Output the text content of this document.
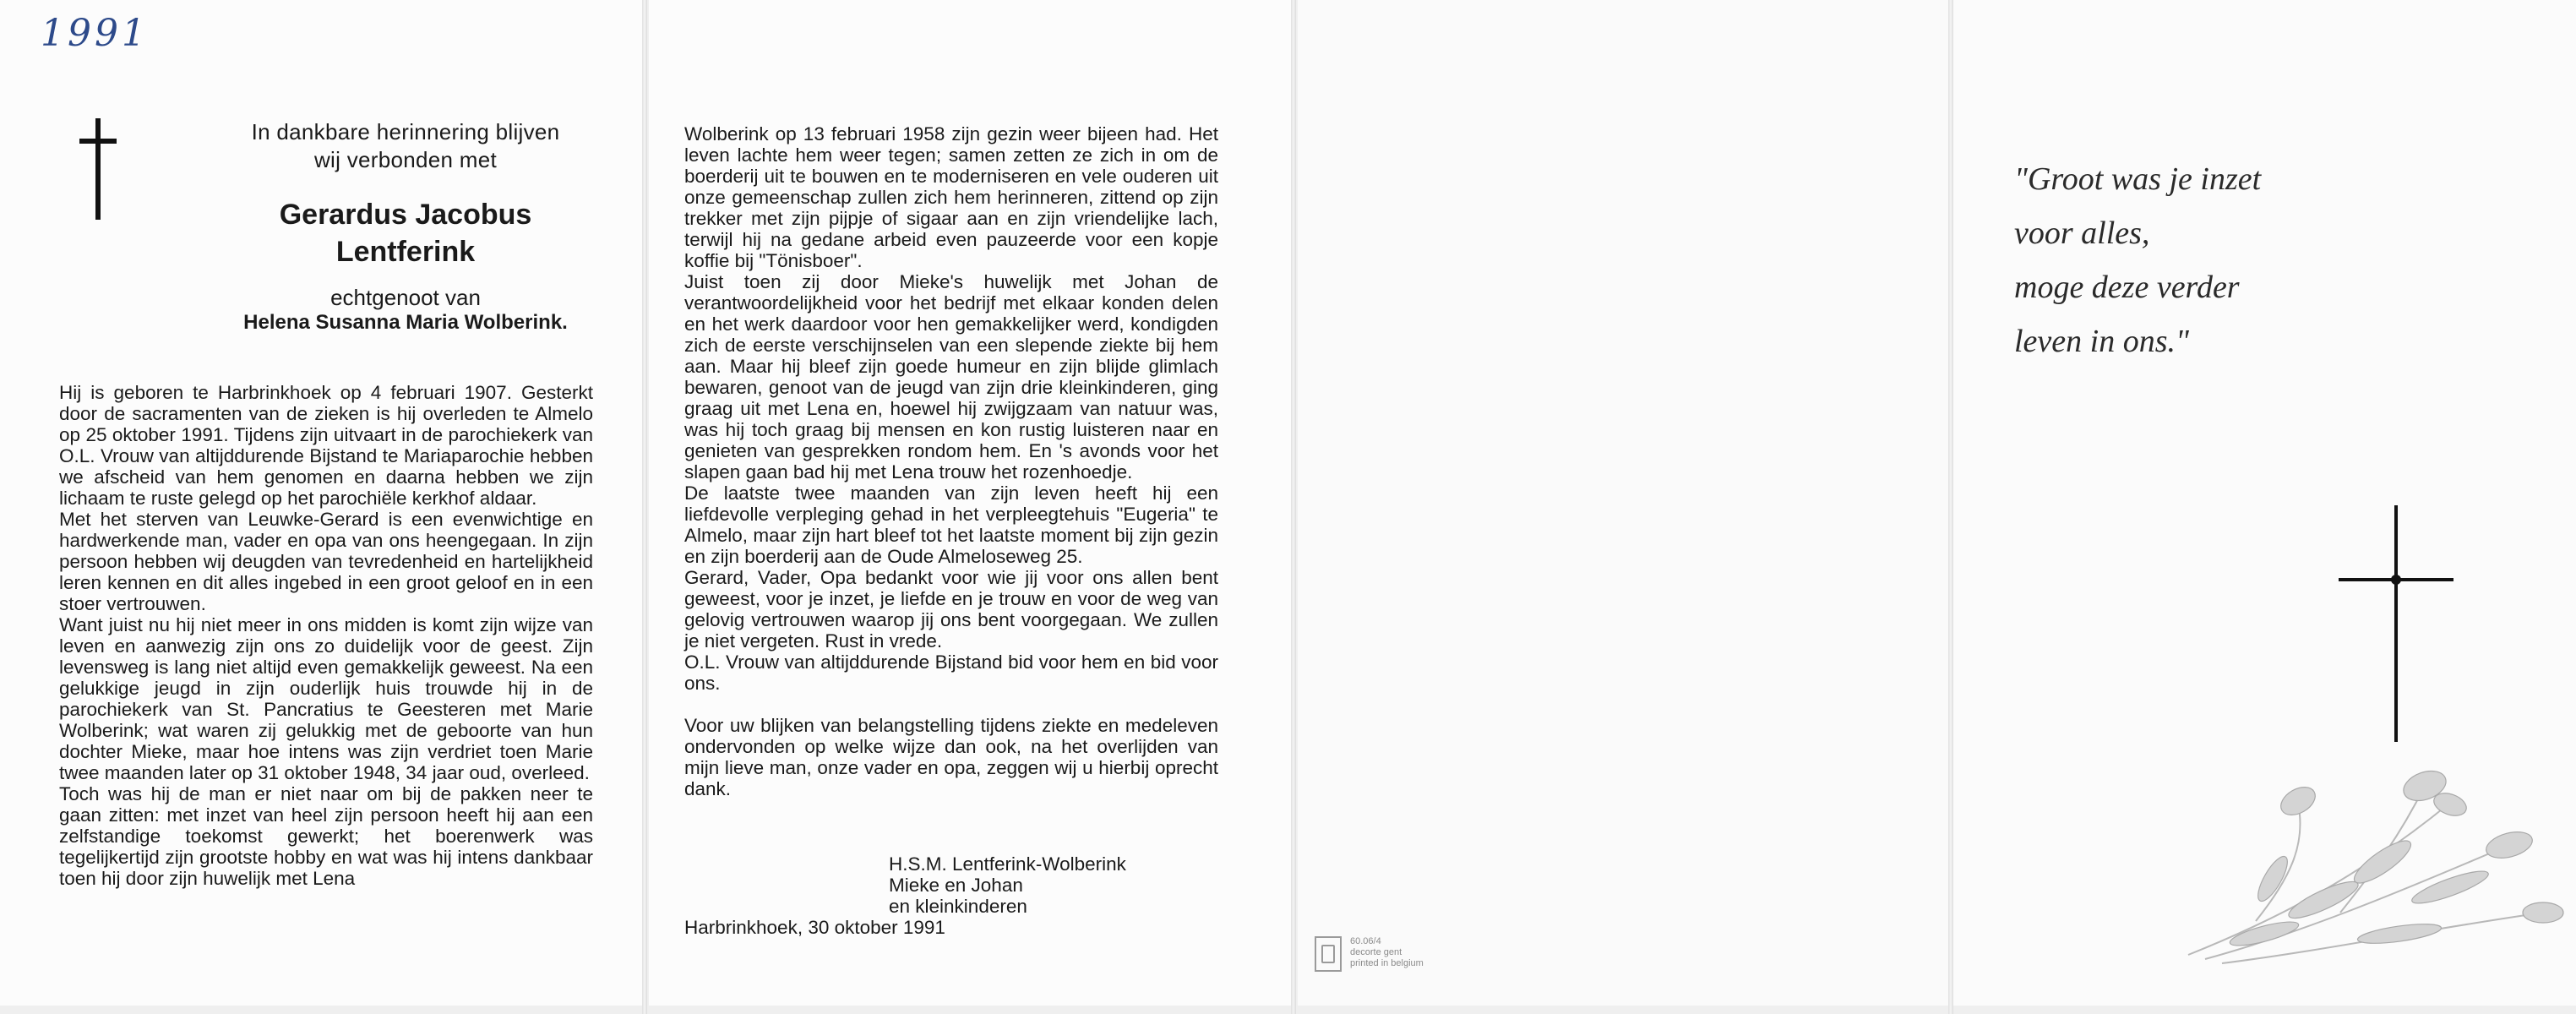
1991
In dankbare herinnering blijven
wij verbonden met
Gerardus Jacobus
Lentferink
echtgenoot van
Helena Susanna Maria Wolberink.

Hij is geboren te Harbrinkhoek op 4 februari 1907. Gesterkt door de sacramenten van de zieken is hij overleden te Almelo op 25 oktober 1991. Tijdens zijn uitvaart in de parochiekerk van O.L. Vrouw van altijddurende Bijstand te Mariaparochie hebben we afscheid van hem genomen en daarna hebben we zijn lichaam te ruste gelegd op het parochiële kerkhof aldaar.

Met het sterven van Leuwke-Gerard is een evenwichtige en hardwerkende man, vader en opa van ons heengegaan. In zijn persoon hebben wij deugden van tevredenheid en hartelijkheid leren kennen en dit alles ingebed in een groot geloof en in een stoer vertrouwen.

Want juist nu hij niet meer in ons midden is komt zijn wijze van leven en aanwezig zijn ons zo duidelijk voor de geest. Zijn levensweg is lang niet altijd even gemakkelijk geweest. Na een gelukkige jeugd in zijn ouderlijk huis trouwde hij in de parochiekerk van St. Pancratius te Geesteren met Marie Wolberink; wat waren zij gelukkig met de geboorte van hun dochter Mieke, maar hoe intens was zijn verdriet toen Marie twee maanden later op 31 oktober 1948, 34 jaar oud, overleed.

Toch was hij de man er niet naar om bij de pakken neer te gaan zitten: met inzet van heel zijn persoon heeft hij aan een zelfstandige toekomst gewerkt; het boerenwerk was tegelijkertijd zijn grootste hobby en wat was hij intens dankbaar toen hij door zijn huwelijk met Lena

Wolberink op 13 februari 1958 zijn gezin weer bijeen had. Het leven lachte hem weer tegen; samen zetten ze zich in om de boerderij uit te bouwen en te moderniseren en vele ouderen uit onze gemeenschap zullen zich hem herinneren, zittend op zijn trekker met zijn pijpje of sigaar aan en zijn vriendelijke lach, terwijl hij na gedane arbeid even pauzeerde voor een kopje koffie bij "Tönisboer".

Juist toen zij door Mieke's huwelijk met Johan de verantwoordelijkheid voor het bedrijf met elkaar konden delen en het werk daardoor voor hen gemakkelijker werd, kondigden zich de eerste verschijnselen van een slepende ziekte bij hem aan. Maar hij bleef zijn goede humeur en zijn blijde glimlach bewaren, genoot van de jeugd van zijn drie kleinkinderen, ging graag uit met Lena en, hoewel hij zwijgzaam van natuur was, was hij toch graag bij mensen en kon rustig luisteren naar en genieten van gesprekken rondom hem. En 's avonds voor het slapen gaan bad hij met Lena trouw het rozenhoedje.

De laatste twee maanden van zijn leven heeft hij een liefdevolle verpleging gehad in het verpleegtehuis "Eugeria" te Almelo, maar zijn hart bleef tot het laatste moment bij zijn gezin en zijn boerderij aan de Oude Almeloseweg 25.

Gerard, Vader, Opa bedankt voor wie jij voor ons allen bent geweest, voor je inzet, je liefde en je trouw en voor de weg van gelovig vertrouwen waarop jij ons bent voorgegaan. We zullen je niet vergeten. Rust in vrede.

O.L. Vrouw van altijddurende Bijstand bid voor hem en bid voor ons.

Voor uw blijken van belangstelling tijdens ziekte en medeleven ondervonden op welke wijze dan ook, na het overlijden van mijn lieve man, onze vader en opa, zeggen wij u hierbij oprecht dank.

H.S.M. Lentferink-Wolberink
Mieke en Johan
en kleinkinderen
Harbrinkhoek, 30 oktober 1991
60.06/4
decorte gent
printed in belgium
"Groot was je inzet
voor alles,
moge deze verder
leven in ons."
